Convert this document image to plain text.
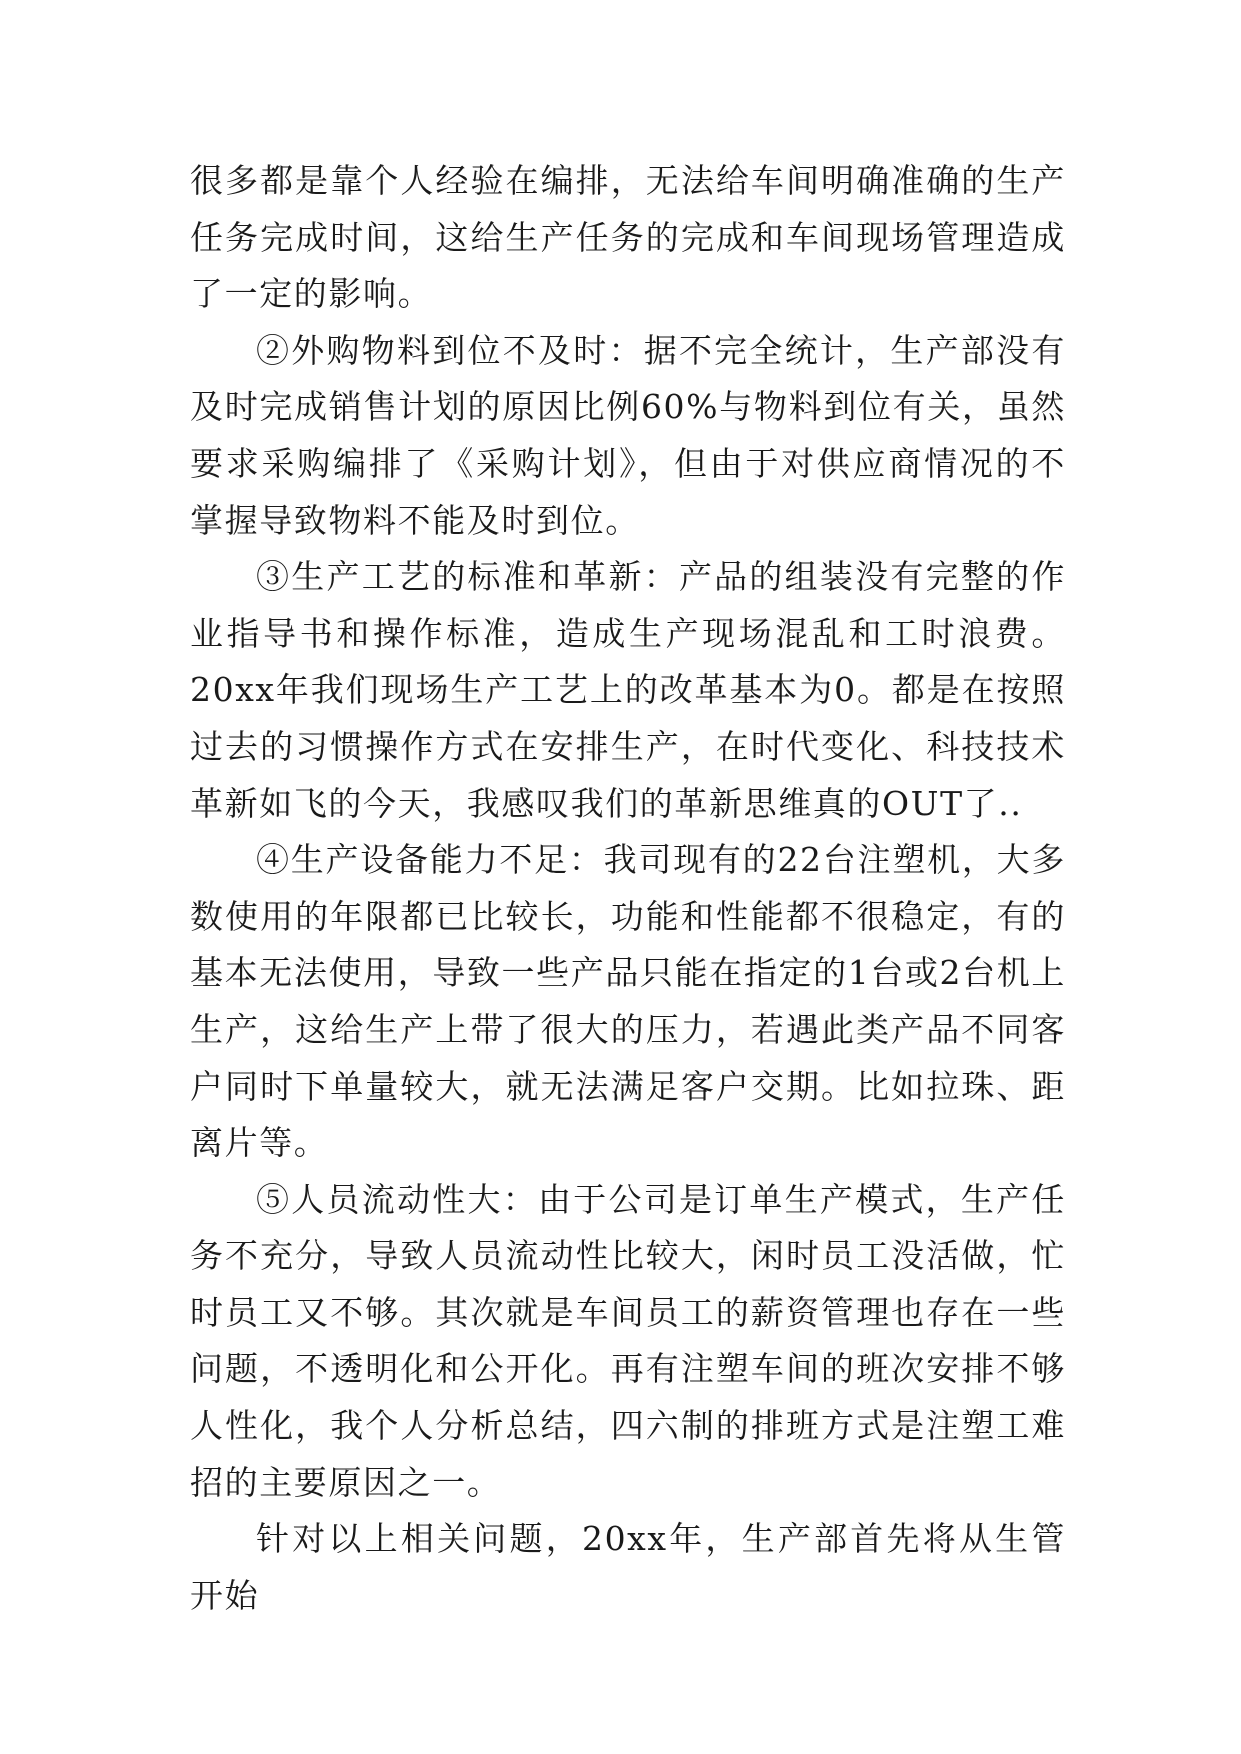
很多都是靠个人经验在编排，无法给车间明确准确的生产任务完成时间，这给生产任务的完成和车间现场管理造成了一定的影响。

②外购物料到位不及时：据不完全统计，生产部没有及时完成销售计划的原因比例60%与物料到位有关，虽然要求采购编排了《采购计划》，但由于对供应商情况的不掌握导致物料不能及时到位。

③生产工艺的标准和革新：产品的组装没有完整的作业指导书和操作标准，造成生产现场混乱和工时浪费。20xx年我们现场生产工艺上的改革基本为0。都是在按照过去的习惯操作方式在安排生产，在时代变化、科技技术革新如飞的今天，我感叹我们的革新思维真的OUT了..

④生产设备能力不足：我司现有的22台注塑机，大多数使用的年限都已比较长，功能和性能都不很稳定，有的基本无法使用，导致一些产品只能在指定的1台或2台机上生产，这给生产上带了很大的压力，若遇此类产品不同客户同时下单量较大，就无法满足客户交期。比如拉珠、距离片等。

⑤人员流动性大：由于公司是订单生产模式，生产任务不充分，导致人员流动性比较大，闲时员工没活做，忙时员工又不够。其次就是车间员工的薪资管理也存在一些问题，不透明化和公开化。再有注塑车间的班次安排不够人性化，我个人分析总结，四六制的排班方式是注塑工难招的主要原因之一。

针对以上相关问题，20xx年，生产部首先将从生管开始
